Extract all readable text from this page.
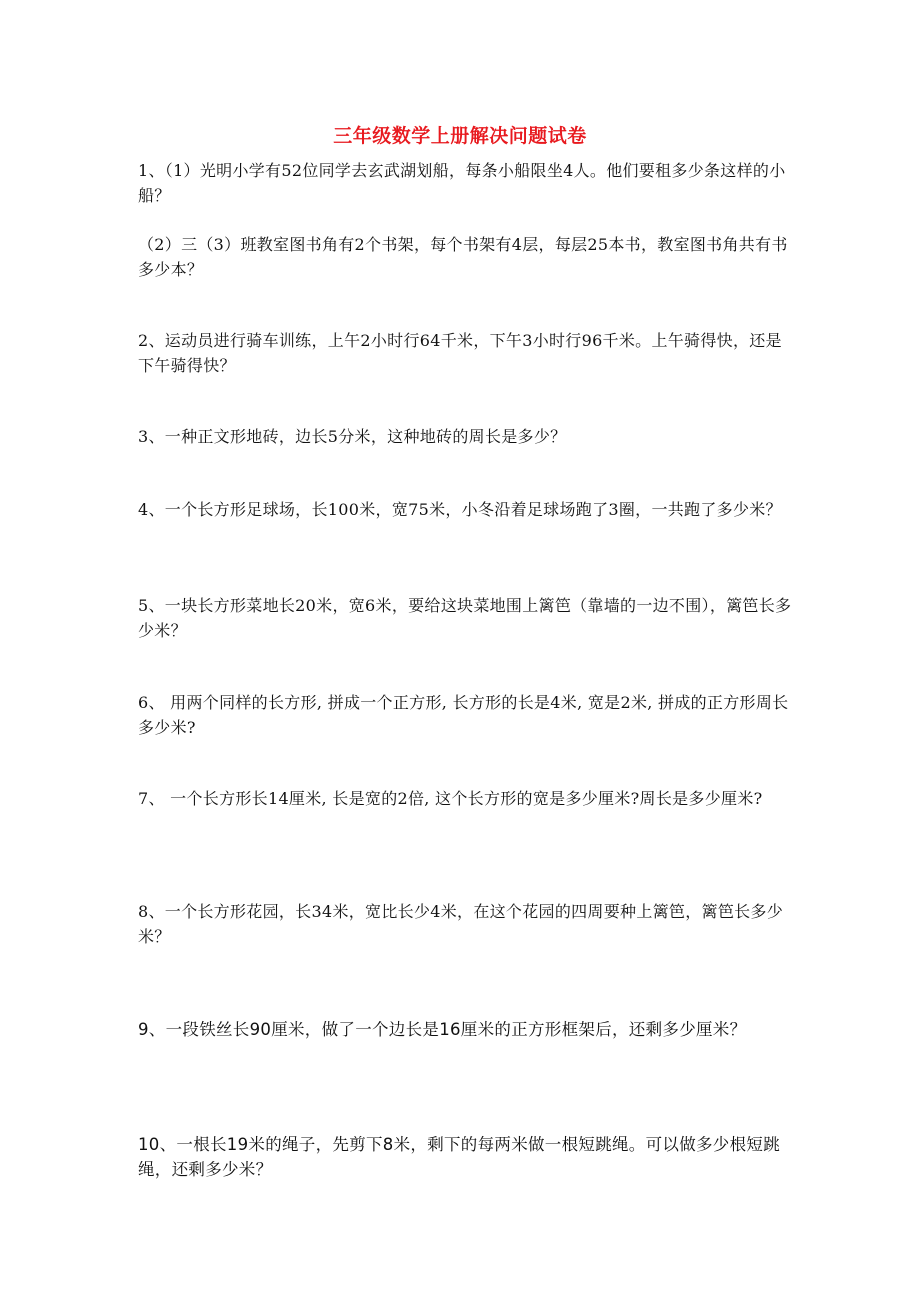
三年级数学上册解决问题试卷

1、（1）光明小学有52位同学去玄武湖划船，每条小船限坐4人。他们要租多少条这样的小船？

（2）三（3）班教室图书角有2个书架，每个书架有4层，每层25本书，教室图书角共有书多少本？

2、运动员进行骑车训练，上午2小时行64千米，下午3小时行96千米。上午骑得快，还是下午骑得快？

3、一种正文形地砖，边长5分米，这种地砖的周长是多少？

4、一个长方形足球场，长100米，宽75米，小冬沿着足球场跑了3圈，一共跑了多少米？

5、一块长方形菜地长20米，宽6米，要给这块菜地围上篱笆（靠墙的一边不围），篱笆长多少米？

6、 用两个同样的长方形, 拼成一个正方形, 长方形的长是4米, 宽是2米, 拼成的正方形周长多少米?

7、 一个长方形长14厘米, 长是宽的2倍, 这个长方形的宽是多少厘米?周长是多少厘米?

8、一个长方形花园，长34米，宽比长少4米，在这个花园的四周要种上篱笆，篱笆长多少米？

9、一段铁丝长90厘米，做了一个边长是16厘米的正方形框架后，还剩多少厘米？

10、一根长19米的绳子，先剪下8米，剩下的每两米做一根短跳绳。可以做多少根短跳绳，还剩多少米？
